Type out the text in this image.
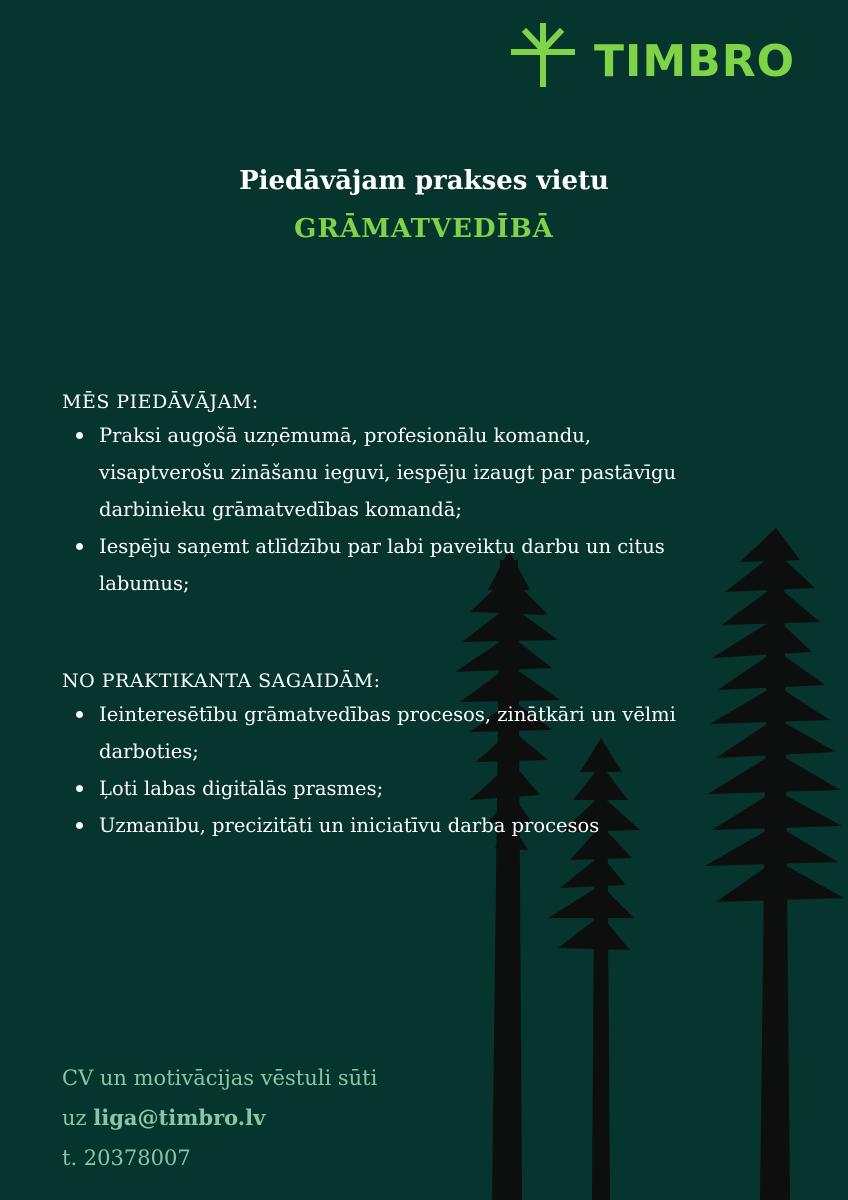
TIMBRO
Piedāvājam prakses vietu
GRĀMATVEDĪBĀ
MĒS PIEDĀVĀJAM:
Praksi augošā uzņēmumā, profesionālu komandu,
visaptverošu zināšanu ieguvi, iespēju izaugt par pastāvīgu
darbinieku grāmatvedības komandā;
Iespēju saņemt atlīdzību par labi paveiktu darbu un citus
labumus;
NO PRAKTIKANTA SAGAIDĀM:
Ieinteresētību grāmatvedības procesos, zinātkāri un vēlmi
darboties;
Ļoti labas digitālās prasmes;
Uzmanību, precizitāti un iniciatīvu darba procesos
CV un motivācijas vēstuli sūti
uz liga@timbro.lv
t. 20378007
